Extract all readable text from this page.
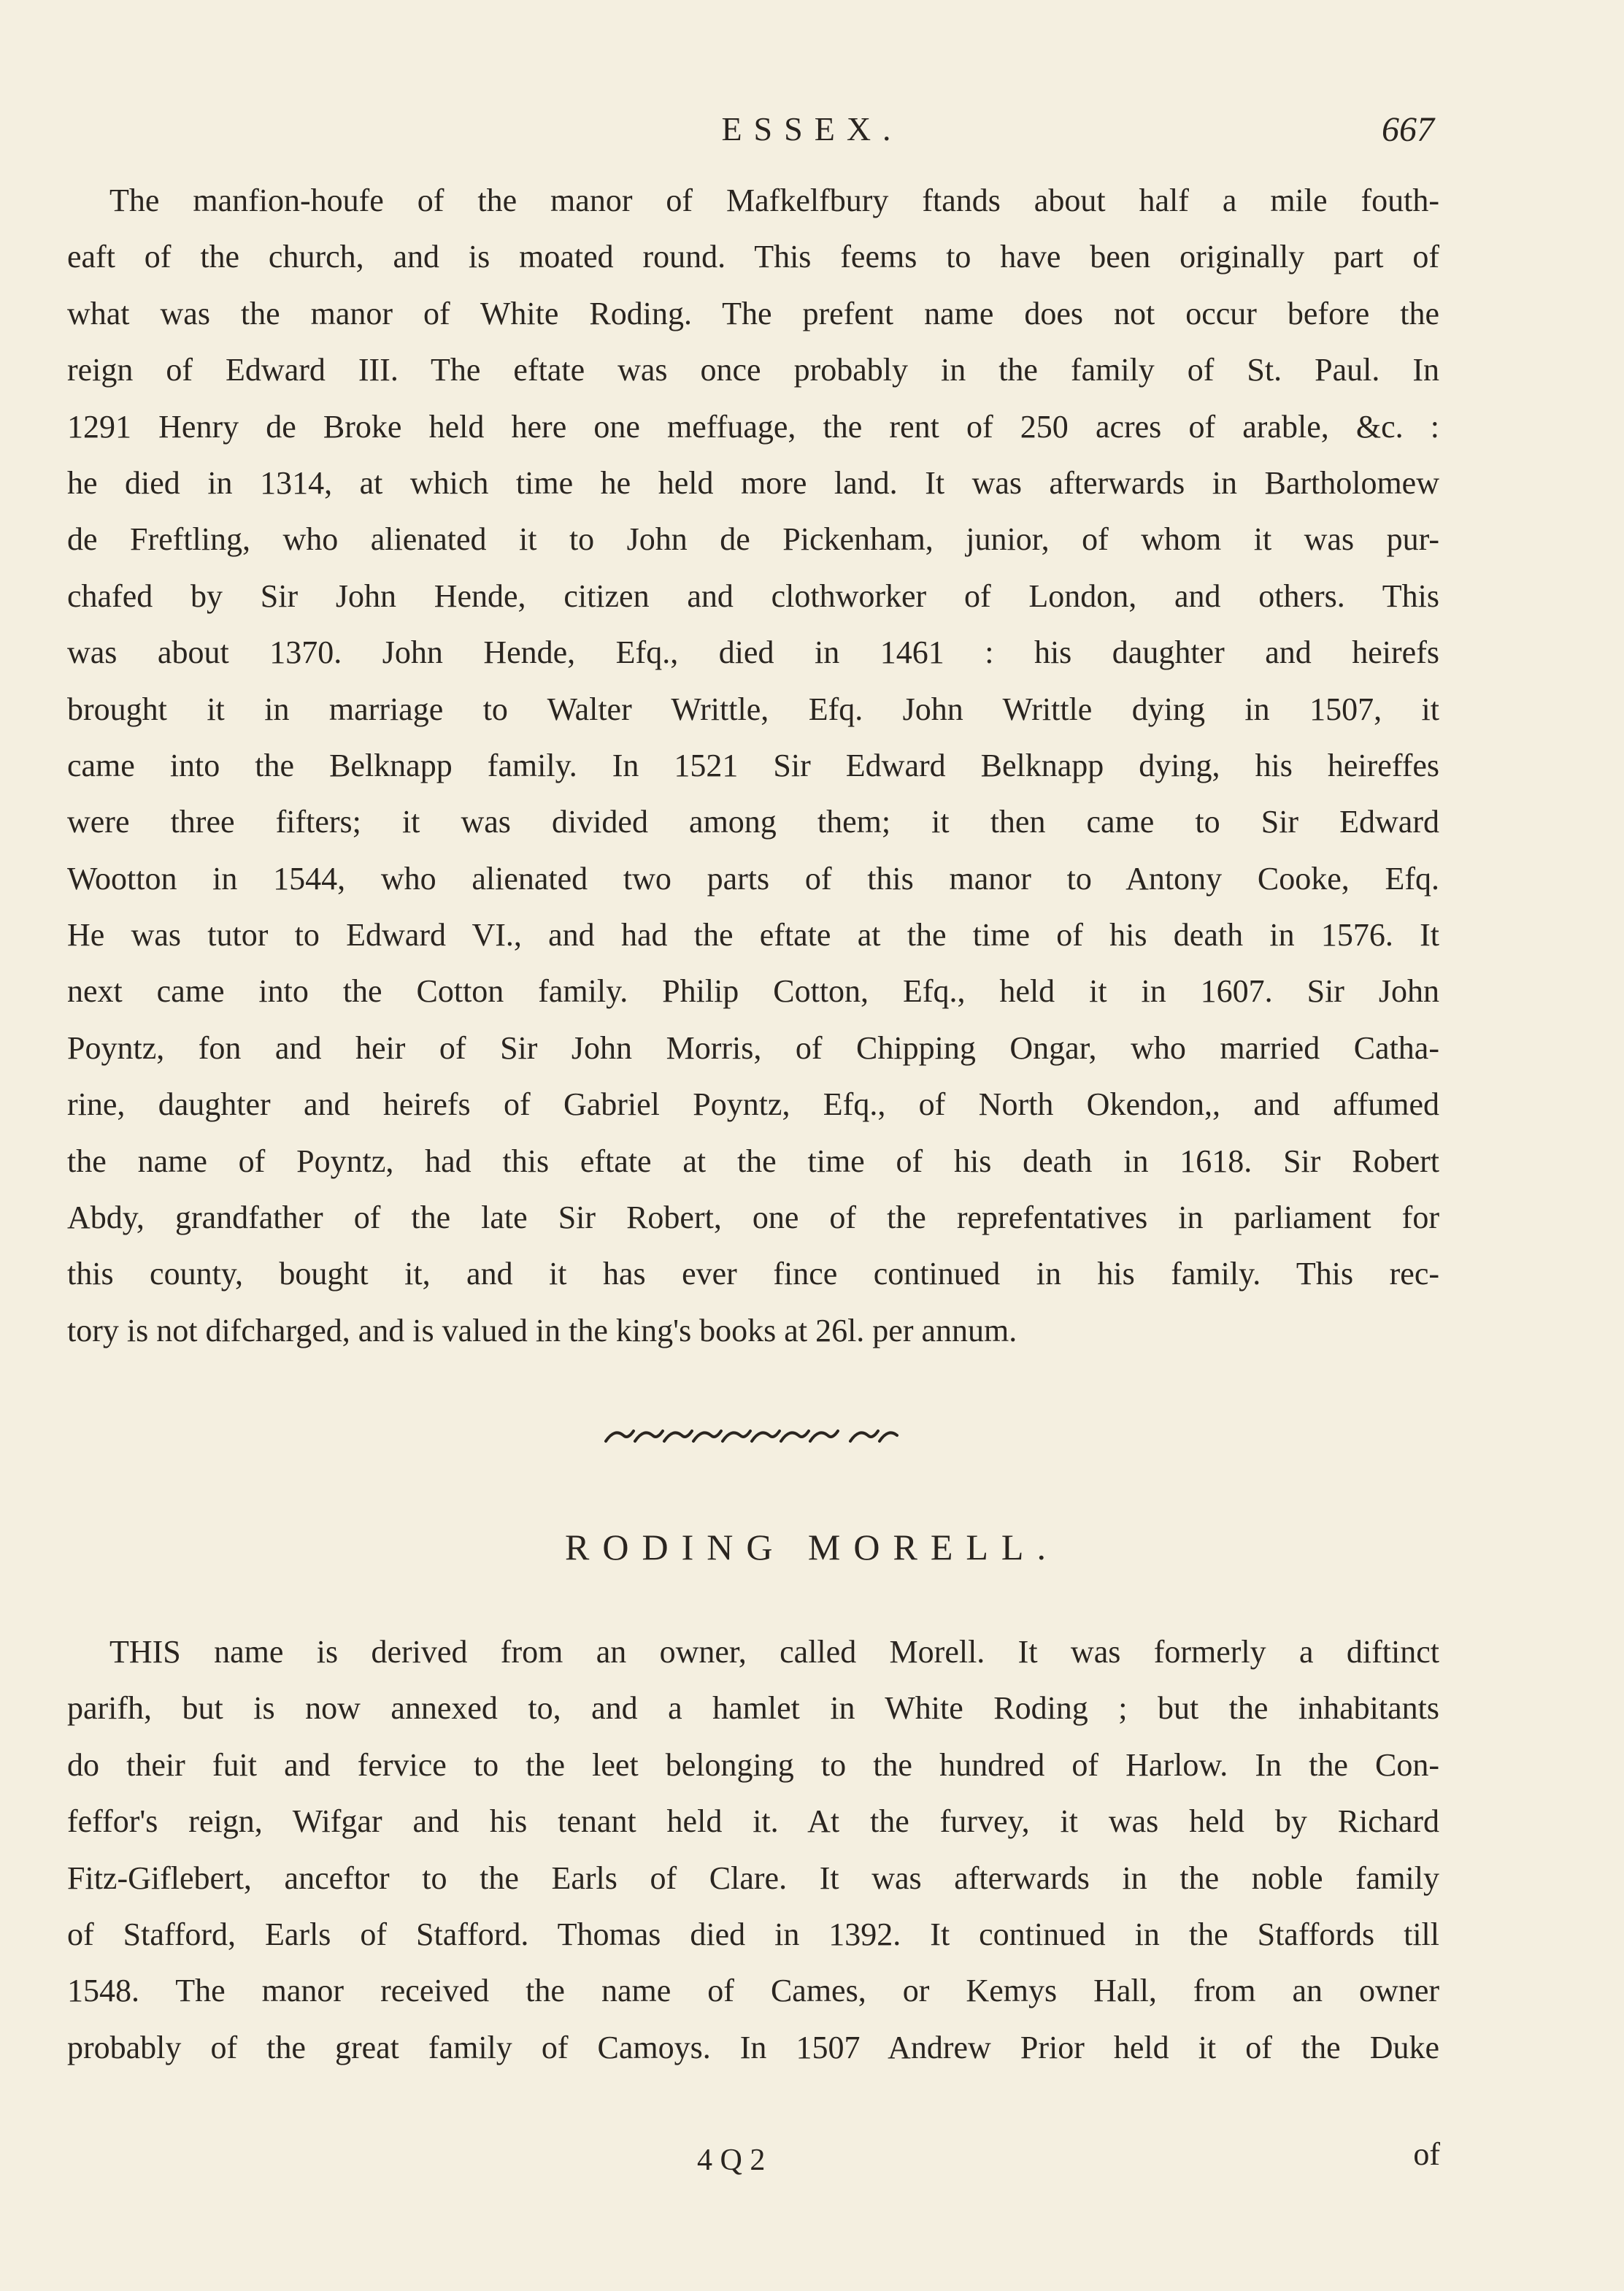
ESSEX.	667
The manfion-houfe of the manor of Mafkelfbury ftands about half a mile fouth-
eaft of the church, and is moated round. This feems to have been originally part of
what was the manor of White Roding. The prefent name does not occur before the
reign of Edward III. The eftate was once probably in the family of St. Paul. In
1291 Henry de Broke held here one meffuage, the rent of 250 acres of arable, &c. :
he died in 1314, at which time he held more land. It was afterwards in Bartholomew
de Freftling, who alienated it to John de Pickenham, junior, of whom it was pur-
chafed by Sir John Hende, citizen and clothworker of London, and others. This
was about 1370. John Hende, Efq., died in 1461 : his daughter and heirefs
brought it in marriage to Walter Writtle, Efq. John Writtle dying in 1507, it
came into the Belknapp family. In 1521 Sir Edward Belknapp dying, his heireffes
were three fifters; it was divided among them; it then came to Sir Edward
Wootton in 1544, who alienated two parts of this manor to Antony Cooke, Efq.
He was tutor to Edward VI., and had the eftate at the time of his death in 1576. It
next came into the Cotton family. Philip Cotton, Efq., held it in 1607. Sir John
Poyntz, fon and heir of Sir John Morris, of Chipping Ongar, who married Catha-
rine, daughter and heirefs of Gabriel Poyntz, Efq., of North Okendon,, and affumed
the name of Poyntz, had this eftate at the time of his death in 1618. Sir Robert
Abdy, grandfather of the late Sir Robert, one of the reprefentatives in parliament for
this county, bought it, and it has ever fince continued in his family. This rec-
tory is not difcharged, and is valued in the king's books at 26l. per annum.
RODING MORELL.
THIS name is derived from an owner, called Morell. It was formerly a diftinct
parifh, but is now annexed to, and a hamlet in White Roding ; but the inhabitants
do their fuit and fervice to the leet belonging to the hundred of Harlow. In the Con-
feffor's reign, Wifgar and his tenant held it. At the furvey, it was held by Richard
Fitz-Giflebert, anceftor to the Earls of Clare. It was afterwards in the noble family
of Stafford, Earls of Stafford. Thomas died in 1392. It continued in the Staffords till
1548. The manor received the name of Cames, or Kemys Hall, from an owner
probably of the great family of Camoys. In 1507 Andrew Prior held it of the Duke
4 Q 2	of
